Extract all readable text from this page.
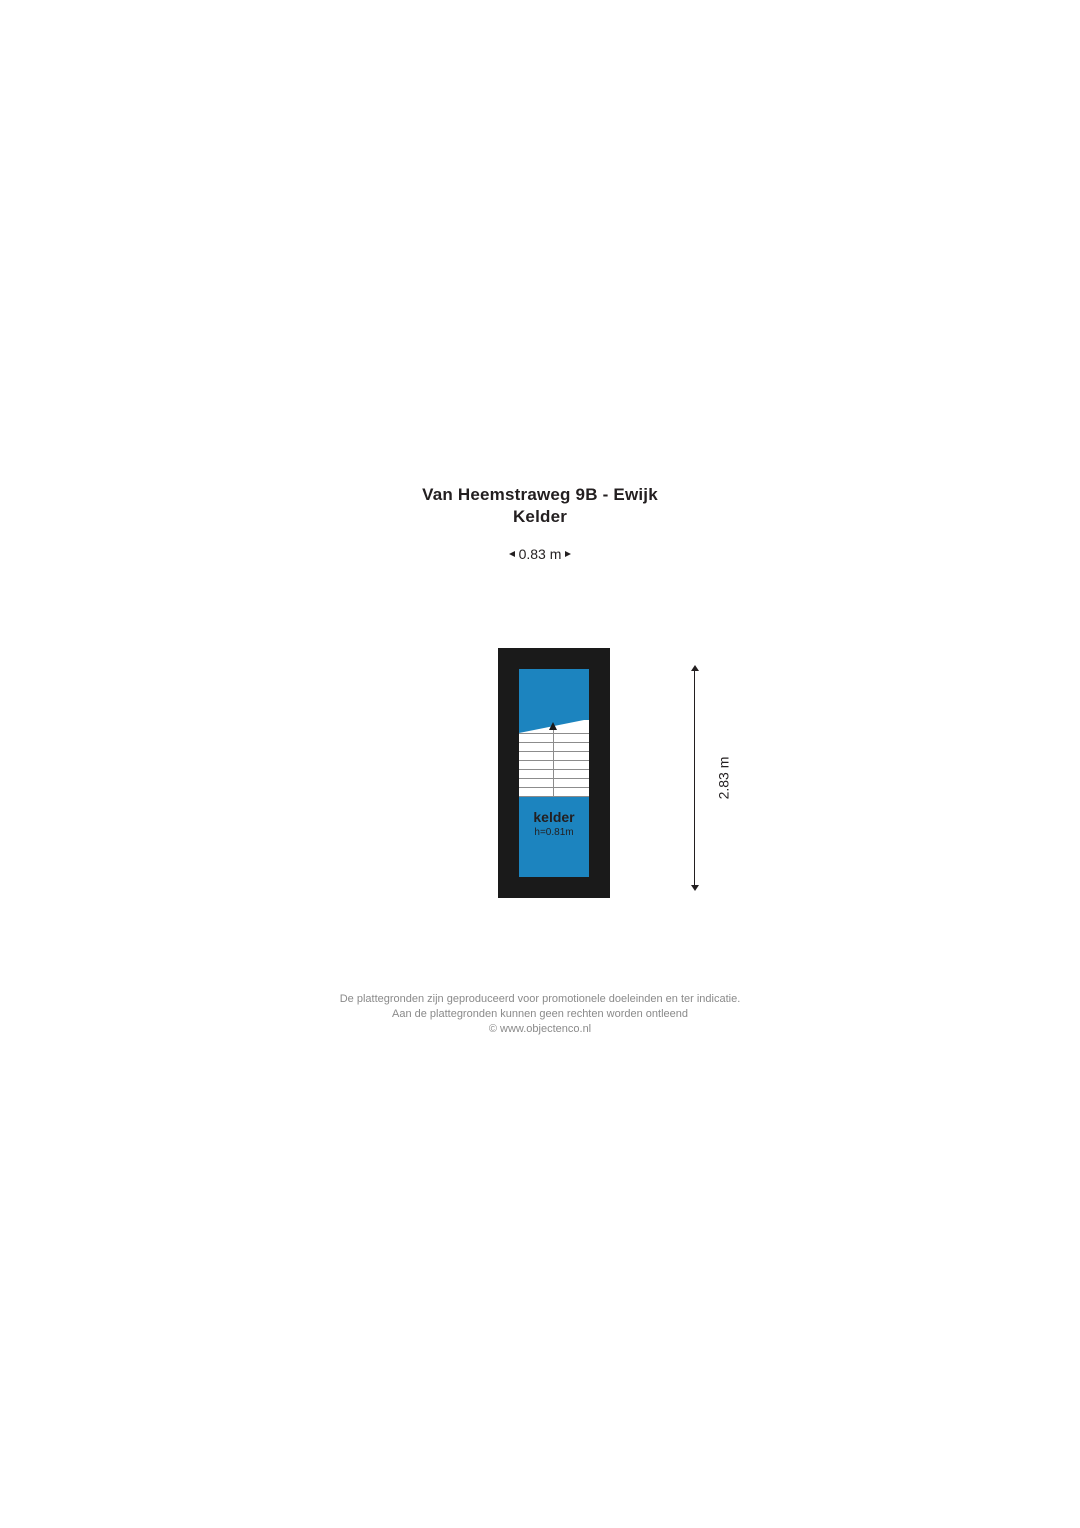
Van Heemstraweg 9B - Ewijk
Kelder
0.83 m
kelder
h=0.81m
2.83 m
De plattegronden zijn geproduceerd voor promotionele doeleinden en ter indicatie.
Aan de plattegronden kunnen geen rechten worden ontleend
© www.objectenco.nl
